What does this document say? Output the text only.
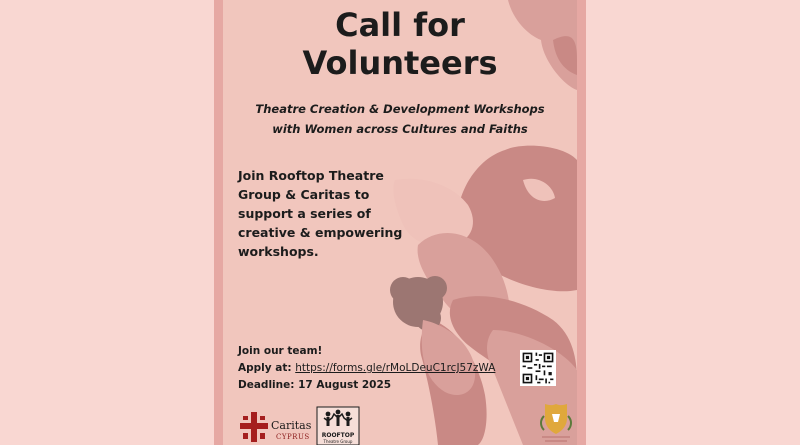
Call for
Volunteers
Theatre Creation & Development Workshops
with Women across Cultures and Faiths
Join Rooftop Theatre
Group & Caritas to
support a series of
creative & empowering
workshops.
Join our team!
Apply at: https://forms.gle/rMoLDeuC1rcJ57zWA
Deadline: 17 August 2025
Caritas
CYPRUS	ROOFTOP
Theatre Group
